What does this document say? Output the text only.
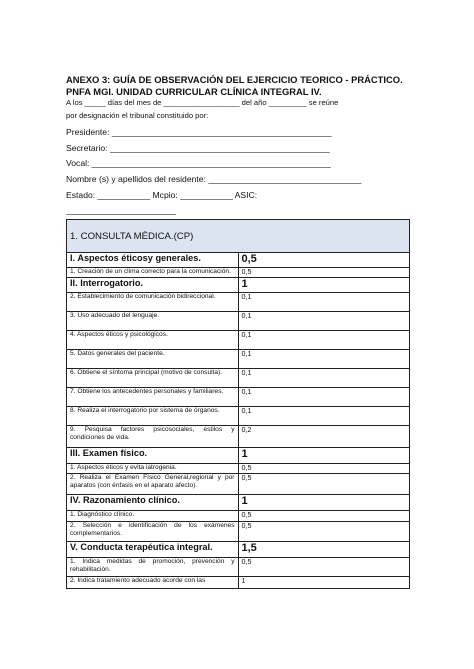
ANEXO 3: GUÍA DE OBSERVACIÓN DEL EJERCICIO TEORICO - PRÁCTICO.
PNFA MGI. UNIDAD CURRICULAR CLÍNICA INTEGRAL IV.
A los _____ días del mes de __________________ del año _________ se reúne
por designación el tribunal constituido por:
Presidente: ______________________________________________
Secretario: ______________________________________________
Vocal: __________________________________________________
Nombre (s) y apellidos del residente: ________________________________
Estado: ___________ Mcpio: ___________ ASIC:
_______________________
1. CONSULTA MÉDICA.(CP)	
I. Aspectos éticosy generales.	0,5
1. Creación de un clima correcto para la comunicación.	0,5
II. Interrogatorio.	1
2. Establecimiento de comunicación bidireccional.	0,1
3. Uso adecuado del lenguaje.	0,1
4. Aspectos éticos y psicológicos.	0,1
5. Datos generales del paciente.	0,1
6. Obtiene el síntoma principal (motivo de consulta).	0,1
7. Obtiene los antecedentes personales y familiares.	0,1
8. Realiza el interrogatorio por sistema de órganos.	0,1
9. Pesquisa factores psicosociales, estilos y condiciones de vida.	0,2
III. Examen físico.	1
1. Aspectos éticos y evita iatrogenia.	0,5
2. Realiza el Examen Físico General,regional y por aparatos (con énfasis en el aparato afecto).	0,5
IV. Razonamiento clínico.	1
1. Diagnóstico clínico.	0,5
2. Selección e identificación de los exámenes complementarios.	0,5
V. Conducta terapéutica integral.	1,5
1. Indica medidas de promoción, prevención y rehabilitación.	0,5
2. Indica tratamiento adecuado acorde con las	1
